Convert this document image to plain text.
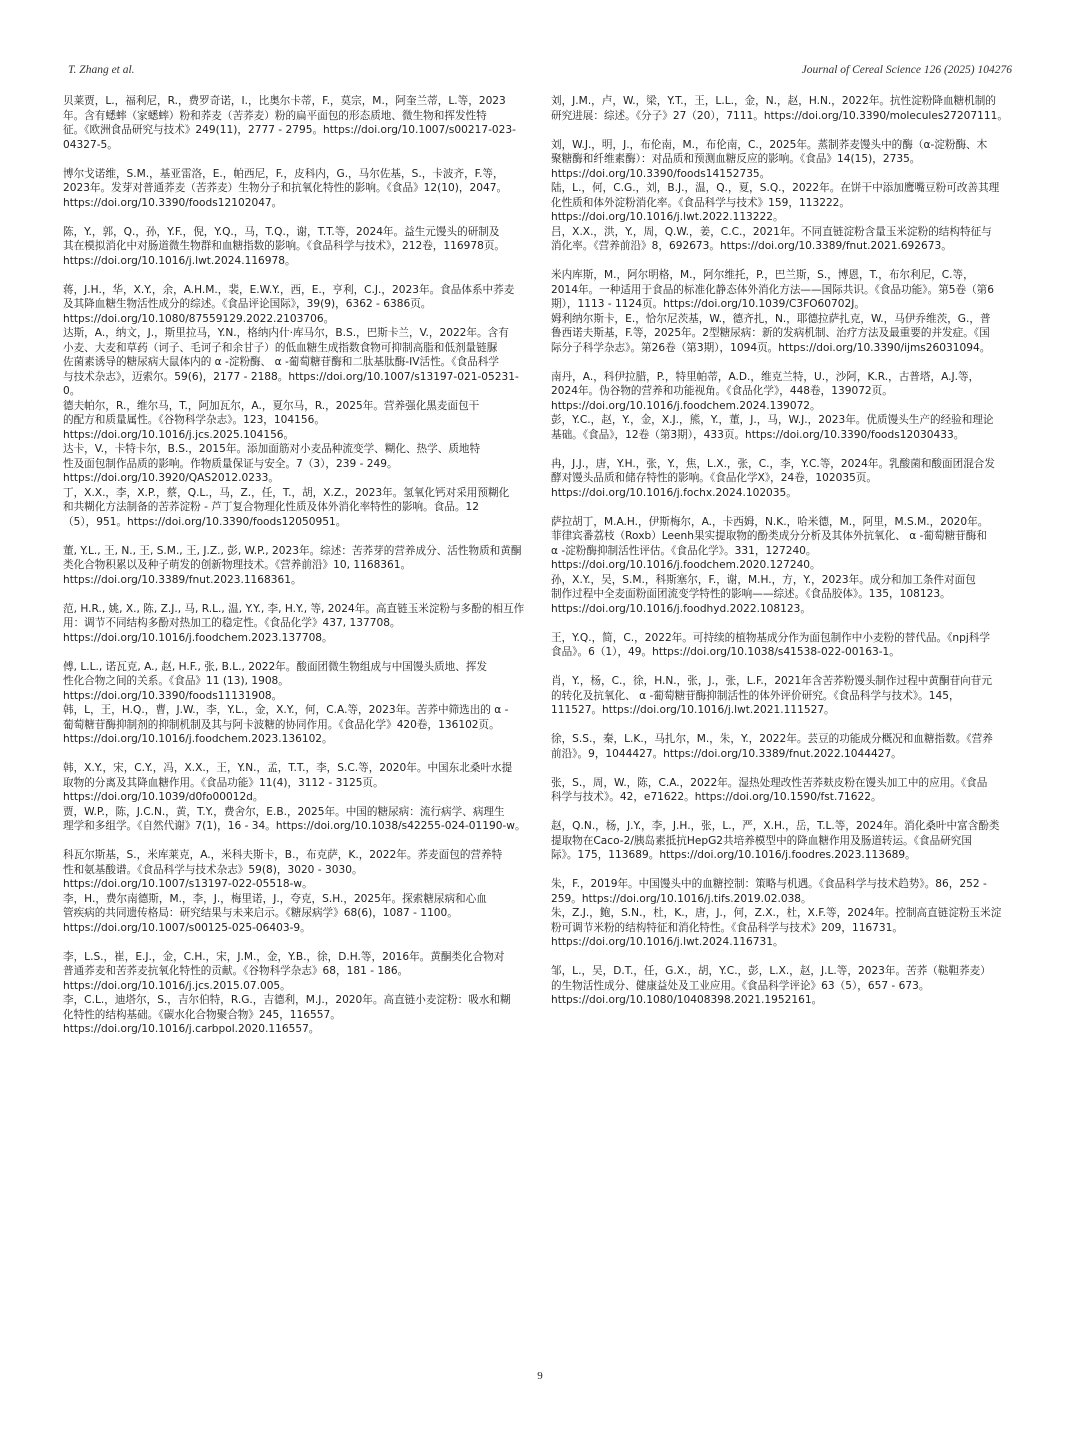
T. Zhang et al.	Journal of Cereal Science 126 (2025) 104276
贝莱贾，L.，福利尼，R.，费罗奇诺，I.，比奥尔卡蒂，F.，莫宗，M.，阿奎兰蒂，L.等，2023
年。含有蟋蟀（家蟋蟀）粉和荞麦（苦荞麦）粉的扁平面包的形态质地、微生物和挥发性特
征。《欧洲食品研究与技术》249(11)，2777 - 2795。https://doi.org/10.1007/s00217-023-
04327-5。
博尔戈诺维，S.M.，基亚雷洛，E.，帕西尼，F.，皮科内，G.，马尔佐基，S.，卡波齐，F.等，
2023年。发芽对普通荞麦（苦荞麦）生物分子和抗氧化特性的影响。《食品》12(10)，2047。
https://doi.org/10.3390/foods12102047。
陈，Y.，郭，Q.，孙，Y.F.，倪，Y.Q.，马，T.Q.，谢，T.T.等，2024年。益生元馒头的研制及
其在模拟消化中对肠道微生物群和血糖指数的影响。《食品科学与技术》，212卷，116978页。
https://doi.org/10.1016/j.lwt.2024.116978。
蒋，J.H.，华，X.Y.，余，A.H.M.，裴，E.W.Y.，西，E.，亨利，C.J.，2023年。食品体系中荞麦
及其降血糖生物活性成分的综述。《食品评论国际》，39(9)，6362 - 6386页。
https://doi.org/10.1080/87559129.2022.2103706。
达斯，A.，纳文，J.，斯里拉马，Y.N.，格纳内什·库马尔，B.S.，巴斯卡兰，V.，2022年。含有
小麦、大麦和草药（诃子、毛诃子和余甘子）的低血糖生成指数食物可抑制高脂和低剂量链脲
佐菌素诱导的糖尿病大鼠体内的 α -淀粉酶、 α -葡萄糖苷酶和二肽基肽酶-IV活性。《食品科学
与技术杂志》，迈索尔。59(6)，2177 - 2188。https://doi.org/10.1007/s13197-021-05231-
0。
德夫帕尔，R.，维尔马，T.，阿加瓦尔，A.，夏尔马，R.，2025年。营养强化黑麦面包干
的配方和质量属性。《谷物科学杂志》。123，104156。
https://doi.org/10.1016/j.jcs.2025.104156。
达卡，V.，卡特卡尔，B.S.，2015年。添加面筋对小麦品种流变学、糊化、热学、质地特
性及面包制作品质的影响。作物质量保证与安全。7（3），239 - 249。
https://doi.org/10.3920/QAS2012.0233。
丁，X.X.，李，X.P.，蔡，Q.L.，马，Z.，任，T.，胡，X.Z.，2023年。氢氧化钙对采用预糊化
和共糊化方法制备的苦荞淀粉 - 芦丁复合物理化性质及体外消化率特性的影响。食品。12
（5），951。https://doi.org/10.3390/foods12050951。
董, Y.L., 王, N., 王, S.M., 王, J.Z., 彭, W.P., 2023年。综述：苦荞芽的营养成分、活性物质和黄酮
类化合物积累以及种子萌发的创新物理技术。《营养前沿》10, 1168361。
https://doi.org/10.3389/fnut.2023.1168361。
范, H.R., 姚, X., 陈, Z.J., 马, R.L., 温, Y.Y., 李, H.Y., 等, 2024年。高直链玉米淀粉与多酚的相互作
用：调节不同结构多酚对热加工的稳定性。《食品化学》437, 137708。
https://doi.org/10.1016/j.foodchem.2023.137708。
傅, L.L., 诺瓦克, A., 赵, H.F., 张, B.L., 2022年。酸面团微生物组成与中国馒头质地、挥发
性化合物之间的关系。《食品》11 (13), 1908。
https://doi.org/10.3390/foods11131908。
韩，L，王，H.Q.，曹，J.W.，李，Y.L.，金，X.Y.，何，C.A.等，2023年。苦荞中筛选出的 α -
葡萄糖苷酶抑制剂的抑制机制及其与阿卡波糖的协同作用。《食品化学》420卷，136102页。
https://doi.org/10.1016/j.foodchem.2023.136102。
韩，X.Y.，宋，C.Y.，冯，X.X.，王，Y.N.，孟，T.T.，李，S.C.等，2020年。中国东北桑叶水提
取物的分离及其降血糖作用。《食品功能》11(4)，3112 - 3125页。
https://doi.org/10.1039/d0fo00012d。
贾，W.P.，陈，J.C.N.，黄，T.Y.，费舍尔，E.B.，2025年。中国的糖尿病：流行病学、病理生
理学和多组学。《自然代谢》7(1)，16 - 34。https://doi.org/10.1038/s42255-024-01190-w。
科瓦尔斯基，S.，米库莱克，A.，米科夫斯卡，B.，布克萨，K.，2022年。荞麦面包的营养特
性和氨基酸谱。《食品科学与技术杂志》59(8)，3020 - 3030。
https://doi.org/10.1007/s13197-022-05518-w。
李，H.，费尔南德斯，M.，李，J.，梅里诺，J.，夸克，S.H.，2025年。探索糖尿病和心血
管疾病的共同遗传格局：研究结果与未来启示。《糖尿病学》68(6)，1087 - 1100。
https://doi.org/10.1007/s00125-025-06403-9。
李，L.S.，崔，E.J.，金，C.H.，宋，J.M.，金，Y.B.，徐，D.H.等，2016年。黄酮类化合物对
普通荞麦和苦荞麦抗氧化特性的贡献。《谷物科学杂志》68，181 - 186。
https://doi.org/10.1016/j.jcs.2015.07.005。
李，C.L.，迪塔尔，S.，吉尔伯特，R.G.，吉德利，M.J.，2020年。高直链小麦淀粉：吸水和糊
化特性的结构基础。《碳水化合物聚合物》245，116557。
https://doi.org/10.1016/j.carbpol.2020.116557。
刘，J.M.，卢，W.，梁，Y.T.，王，L.L.，金，N.，赵，H.N.，2022年。抗性淀粉降血糖机制的
研究进展：综述。《分子》27（20），7111。https://doi.org/10.3390/molecules27207111。
刘，W.J.，明，J.，布伦南，M.，布伦南，C.，2025年。蒸制荞麦馒头中的酶（α-淀粉酶、木
聚糖酶和纤维素酶）：对品质和预测血糖反应的影响。《食品》14(15)，2735。
https://doi.org/10.3390/foods14152735。
陆，L.，何，C.G.，刘，B.J.，温，Q.，夏，S.Q.，2022年。在饼干中添加鹰嘴豆粉可改善其理
化性质和体外淀粉消化率。《食品科学与技术》159，113222。
https://doi.org/10.1016/j.lwt.2022.113222。
吕，X.X.，洪，Y.，周，Q.W.，姜，C.C.，2021年。不同直链淀粉含量玉米淀粉的结构特征与
消化率。《营养前沿》8，692673。https://doi.org/10.3389/fnut.2021.692673。
米内库斯，M.，阿尔明格，M.，阿尔维托，P.，巴兰斯，S.，博恩，T.，布尔利尼，C.等，
2014年。一种适用于食品的标准化静态体外消化方法——国际共识。《食品功能》。第5卷（第6
期），1113 - 1124页。https://doi.org/10.1039/C3FO60702J。
姆利纳尔斯卡，E.，恰尔尼茨基，W.，德齐扎，N.，耶德拉萨扎克，W.，马伊乔维茨，G.，普
鲁西诺夫斯基，F.等，2025年。2型糖尿病：新的发病机制、治疗方法及最重要的并发症。《国
际分子科学杂志》。第26卷（第3期），1094页。https://doi.org/10.3390/ijms26031094。
南丹，A.，科伊拉腊，P.，特里帕蒂，A.D.，维克兰特，U.，沙阿，K.R.，古普塔，A.J.等，
2024年。伪谷物的营养和功能视角。《食品化学》，448卷，139072页。
https://doi.org/10.1016/j.foodchem.2024.139072。
彭，Y.C.，赵，Y.，金，X.J.，熊，Y.，董，J.，马，W.J.，2023年。优质馒头生产的经验和理论
基础。《食品》，12卷（第3期），433页。https://doi.org/10.3390/foods12030433。
冉，J.J.，唐，Y.H.，张，Y.，焦，L.X.，张，C.，李，Y.C.等，2024年。乳酸菌和酸面团混合发
酵对馒头品质和储存特性的影响。《食品化学X》，24卷，102035页。
https://doi.org/10.1016/j.fochx.2024.102035。
萨拉胡丁，M.A.H.，伊斯梅尔，A.，卡西姆，N.K.，哈米德，M.，阿里，M.S.M.，2020年。
菲律宾番荔枝（Roxb）Leenh果实提取物的酚类成分分析及其体外抗氧化、 α -葡萄糖苷酶和
α -淀粉酶抑制活性评估。《食品化学》。331，127240。
https://doi.org/10.1016/j.foodchem.2020.127240。
孙，X.Y.，吴，S.M.，科斯塞尔，F.，谢，M.H.，方，Y.，2023年。成分和加工条件对面包
制作过程中全麦面粉面团流变学特性的影响——综述。《食品胶体》。135，108123。
https://doi.org/10.1016/j.foodhyd.2022.108123。
王，Y.Q.，简，C.，2022年。可持续的植物基成分作为面包制作中小麦粉的替代品。《npj科学
食品》。6（1），49。https://doi.org/10.1038/s41538-022-00163-1。
肖，Y.，杨，C.，徐，H.N.，张，J.，张，L.F.，2021年含苦荞粉馒头制作过程中黄酮苷向苷元
的转化及抗氧化、 α -葡萄糖苷酶抑制活性的体外评价研究。《食品科学与技术》。145，
111527。https://doi.org/10.1016/j.lwt.2021.111527。
徐，S.S.，秦，L.K.，马扎尔，M.，朱，Y.，2022年。芸豆的功能成分概况和血糖指数。《营养
前沿》。9，1044427。https://doi.org/10.3389/fnut.2022.1044427。
张，S.，周，W.，陈，C.A.，2022年。湿热处理改性苦荞麸皮粉在馒头加工中的应用。《食品
科学与技术》。42，e71622。https://doi.org/10.1590/fst.71622。
赵，Q.N.，杨，J.Y.，李，J.H.，张，L.，严，X.H.，岳，T.L.等，2024年。消化桑叶中富含酚类
提取物在Caco-2/胰岛素抵抗HepG2共培养模型中的降血糖作用及肠道转运。《食品研究国
际》。175，113689。https://doi.org/10.1016/j.foodres.2023.113689。
朱，F.，2019年。中国馒头中的血糖控制：策略与机遇。《食品科学与技术趋势》。86，252 -
259。https://doi.org/10.1016/j.tifs.2019.02.038。
朱，Z.J.，鲍，S.N.，杜，K.，唐，J.，何，Z.X.，杜，X.F.等，2024年。控制高直链淀粉玉米淀
粉可调节米粉的结构特征和消化特性。《食品科学与技术》209，116731。
https://doi.org/10.1016/j.lwt.2024.116731。
邹，L.，吴，D.T.，任，G.X.，胡，Y.C.，彭，L.X.，赵，J.L.等，2023年。苦荞（鞑靼荞麦）
的生物活性成分、健康益处及工业应用。《食品科学评论》63（5），657 - 673。
https://doi.org/10.1080/10408398.2021.1952161。
9
